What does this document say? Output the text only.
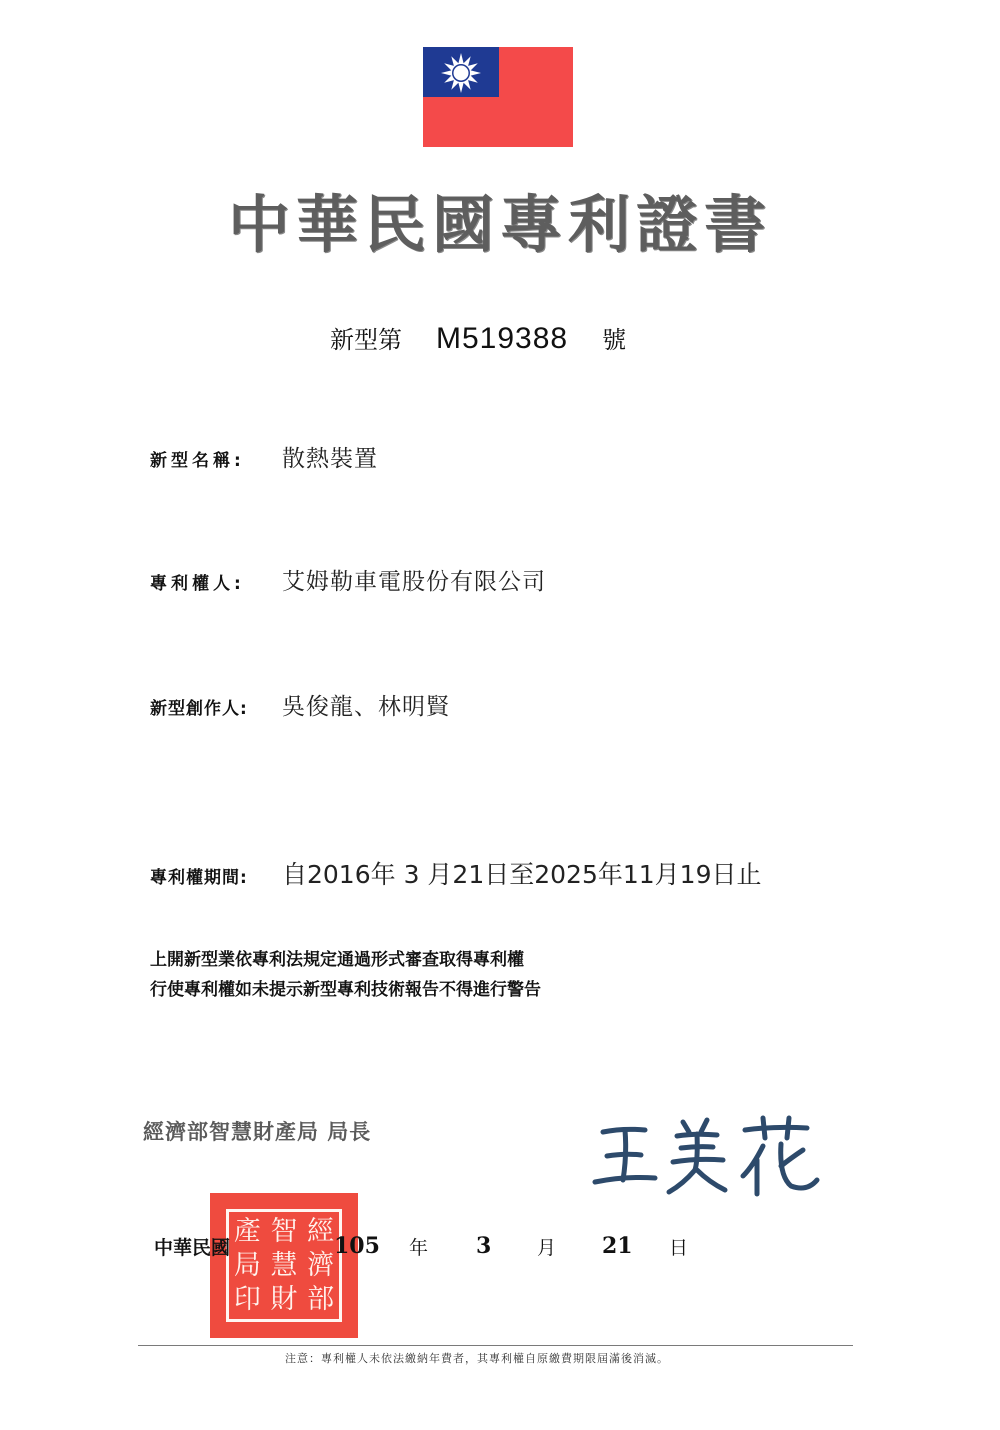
中華民國專利證書
新型第 M519388 號
新型名稱: 散熱裝置
專利權人: 艾姆勒車電股份有限公司
新型創作人: 吳俊龍、林明賢
專利權期間: 自2016年 3 月21日至2025年11月19日止
上開新型業依專利法規定通過形式審查取得專利權
行使專利權如未提示新型專利技術報告不得進行警告
經濟部智慧財產局 局長
經
濟
部
智
慧
財
產
局
印
中華民國	105 年 3 月 21 日
注意：專利權人未依法繳納年費者，其專利權自原繳費期限屆滿後消滅。
